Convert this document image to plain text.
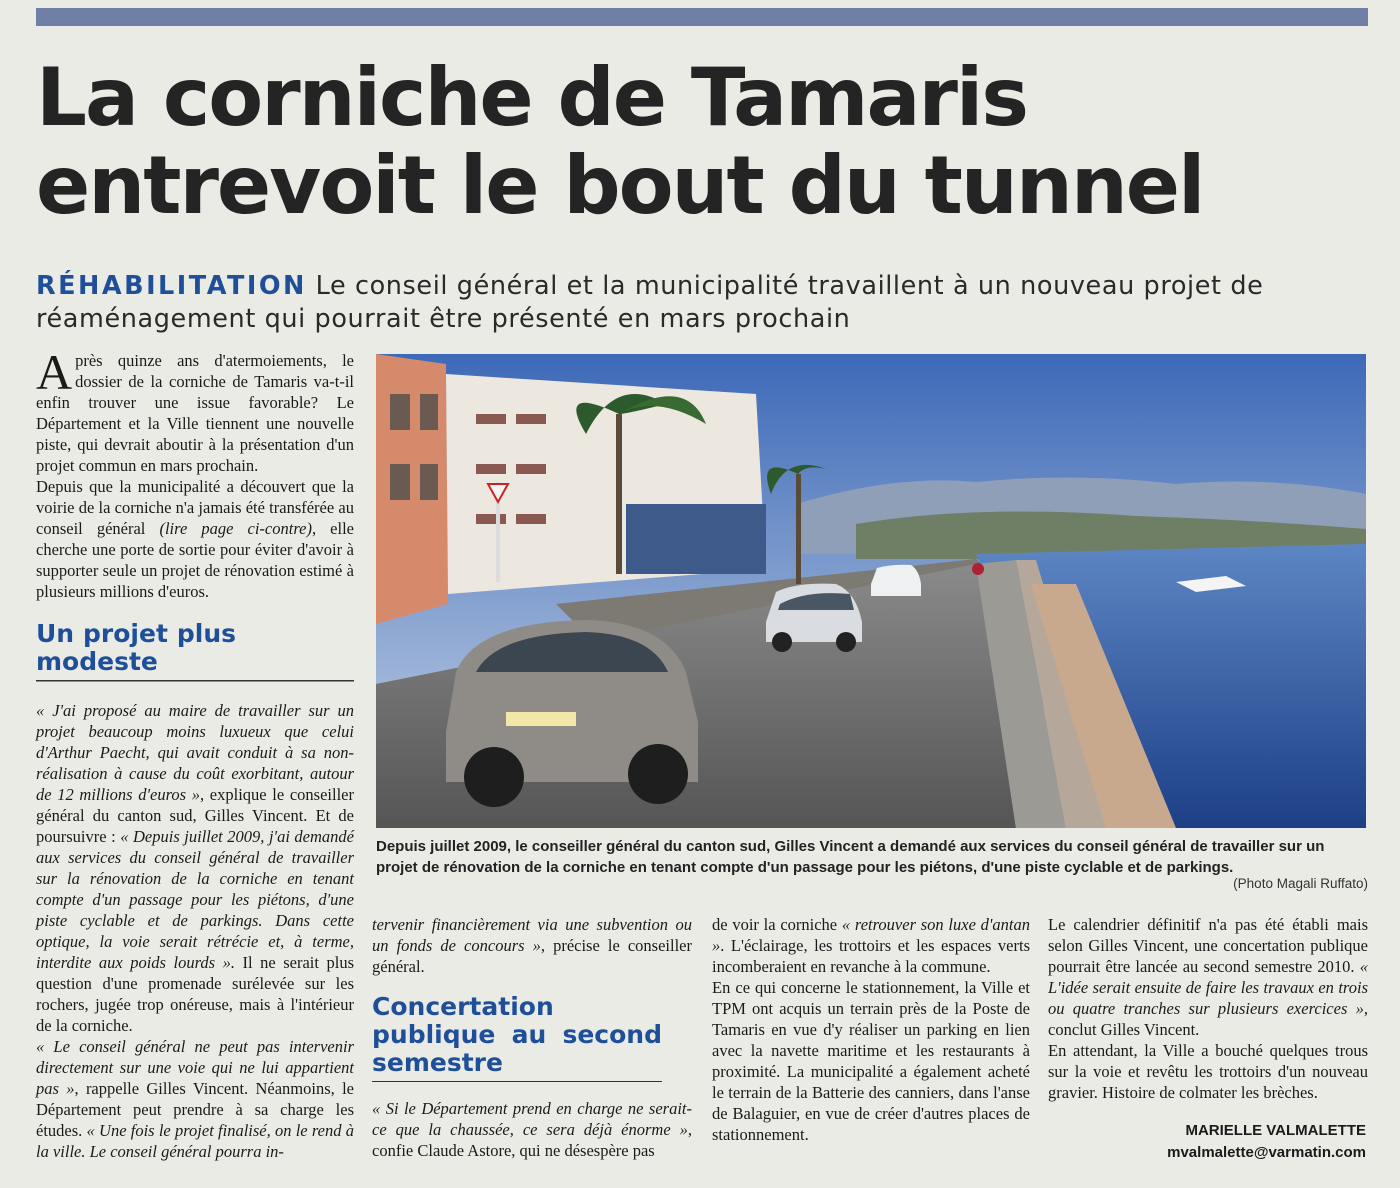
La corniche de Tamaris
entrevoit le bout du tunnel
RÉHABILITATION Le conseil général et la municipalité travaillent à un nouveau projet de réaménagement qui pourrait être présenté en mars prochain

Après quinze ans d'atermoiements, le dossier de la corniche de Tamaris va-t-il enfin trouver une issue favorable? Le Département et la Ville tiennent une nouvelle piste, qui devrait aboutir à la présentation d'un projet commun en mars prochain.

Depuis que la municipalité a découvert que la voirie de la corniche n'a jamais été transférée au conseil général (lire page ci-contre), elle cherche une porte de sortie pour éviter d'avoir à supporter seule un projet de rénovation estimé à plusieurs millions d'euros.

Un projet plus modeste

« J'ai proposé au maire de travailler sur un projet beaucoup moins luxueux que celui d'Arthur Paecht, qui avait conduit à sa non-réalisation à cause du coût exorbitant, autour de 12 millions d'euros », explique le conseiller général du canton sud, Gilles Vincent. Et de poursuivre : « Depuis juillet 2009, j'ai demandé aux services du conseil général de travailler sur la rénovation de la corniche en tenant compte d'un passage pour les piétons, d'une piste cyclable et de parkings. Dans cette optique, la voie serait rétrécie et, à terme, interdite aux poids lourds ». Il ne serait plus question d'une promenade surélevée sur les rochers, jugée trop onéreuse, mais à l'intérieur de la corniche.

« Le conseil général ne peut pas intervenir directement sur une voie qui ne lui appartient pas », rappelle Gilles Vincent. Néanmoins, le Département peut prendre à sa charge les études. « Une fois le projet finalisé, on le rend à la ville. Le conseil général pourra in-

Depuis juillet 2009, le conseiller général du canton sud, Gilles Vincent a demandé aux services du conseil général de travailler sur un projet de rénovation de la corniche en tenant compte d'un passage pour les piétons, d'une piste cyclable et de parkings.
(Photo Magali Ruffato)

tervenir financièrement via une subvention ou un fonds de concours », précise le conseiller général.

Concertation publique au second semestre

« Si le Département prend en charge ne serait-ce que la chaussée, ce sera déjà énorme », confie Claude Astore, qui ne désespère pas

de voir la corniche « retrouver son luxe d'antan ». L'éclairage, les trottoirs et les espaces verts incomberaient en revanche à la commune.

En ce qui concerne le stationnement, la Ville et TPM ont acquis un terrain près de la Poste de Tamaris en vue d'y réaliser un parking en lien avec la navette maritime et les restaurants à proximité. La municipalité a également acheté le terrain de la Batterie des canniers, dans l'anse de Balaguier, en vue de créer d'autres places de stationnement.

Le calendrier définitif n'a pas été établi mais selon Gilles Vincent, une concertation publique pourrait être lancée au second semestre 2010. « L'idée serait ensuite de faire les travaux en trois ou quatre tranches sur plusieurs exercices », conclut Gilles Vincent.

En attendant, la Ville a bouché quelques trous sur la voie et revêtu les trottoirs d'un nouveau gravier. Histoire de colmater les brèches.

MARIELLE VALMALETTE
mvalmalette@varmatin.com
